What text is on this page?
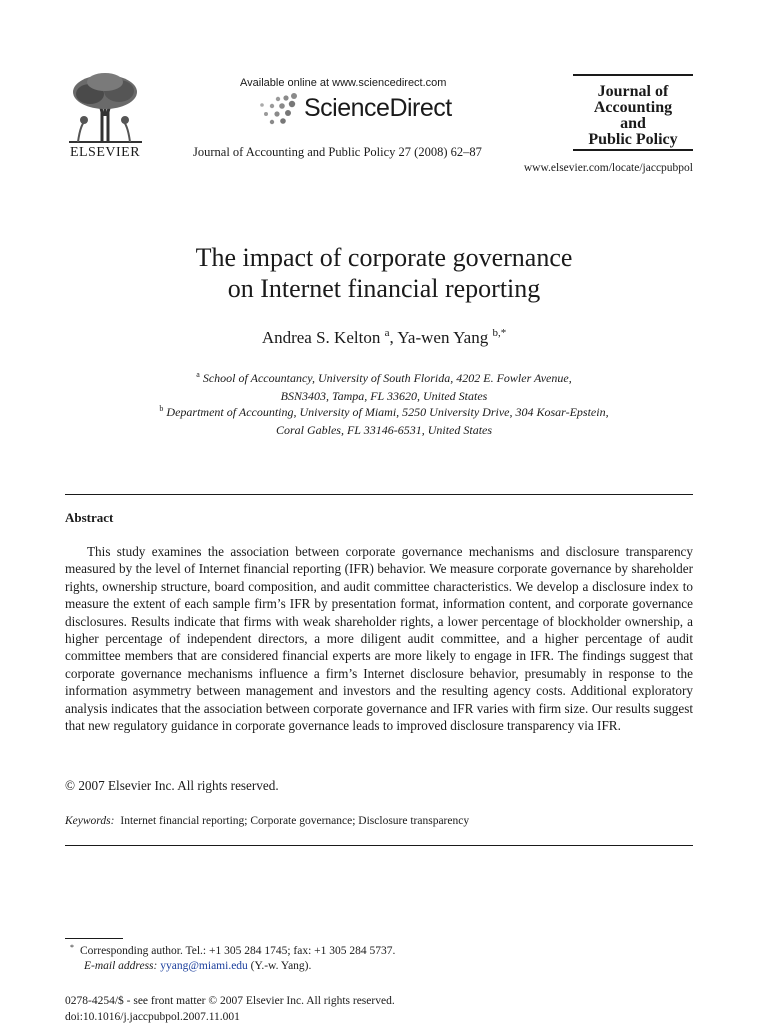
ELSEVIER
Available online at www.sciencedirect.com
ScienceDirect
Journal of Accounting and Public Policy 27 (2008) 62–87
Journal of
Accounting
and
Public Policy
www.elsevier.com/locate/jaccpubpol
The impact of corporate governance
on Internet financial reporting
Andrea S. Kelton $^a$, Ya-wen Yang $^{b,*}$
$^a$ School of Accountancy, University of South Florida, 4202 E. Fowler Avenue,
BSN3403, Tampa, FL 33620, United States
$^b$ Department of Accounting, University of Miami, 5250 University Drive, 304 Kosar-Epstein,
Coral Gables, FL 33146-6531, United States
Abstract
This study examines the association between corporate governance mechanisms and disclosure transparency measured by the level of Internet financial reporting (IFR) behavior. We measure corporate governance by shareholder rights, ownership structure, board composition, and audit committee characteristics. We develop a disclosure index to measure the extent of each sample firm’s IFR by presentation format, information content, and corporate governance disclosures. Results indicate that firms with weak shareholder rights, a lower percentage of blockholder ownership, a higher percentage of independent directors, a more diligent audit committee, and a higher percentage of audit committee members that are considered financial experts are more likely to engage in IFR. The findings suggest that corporate governance mechanisms influence a firm’s Internet disclosure behavior, presumably in response to the information asymmetry between management and investors and the resulting agency costs. Additional exploratory analysis indicates that the association between corporate governance and IFR varies with firm size. Our results suggest that new regulatory guidance in corporate governance leads to improved disclosure transparency via IFR.
© 2007 Elsevier Inc. All rights reserved.
Keywords: Internet financial reporting; Corporate governance; Disclosure transparency
* Corresponding author. Tel.: +1 305 284 1745; fax: +1 305 284 5737.
E-mail address: yyang@miami.edu (Y.-w. Yang).
0278-4254/$ - see front matter © 2007 Elsevier Inc. All rights reserved.
doi:10.1016/j.jaccpubpol.2007.11.001
